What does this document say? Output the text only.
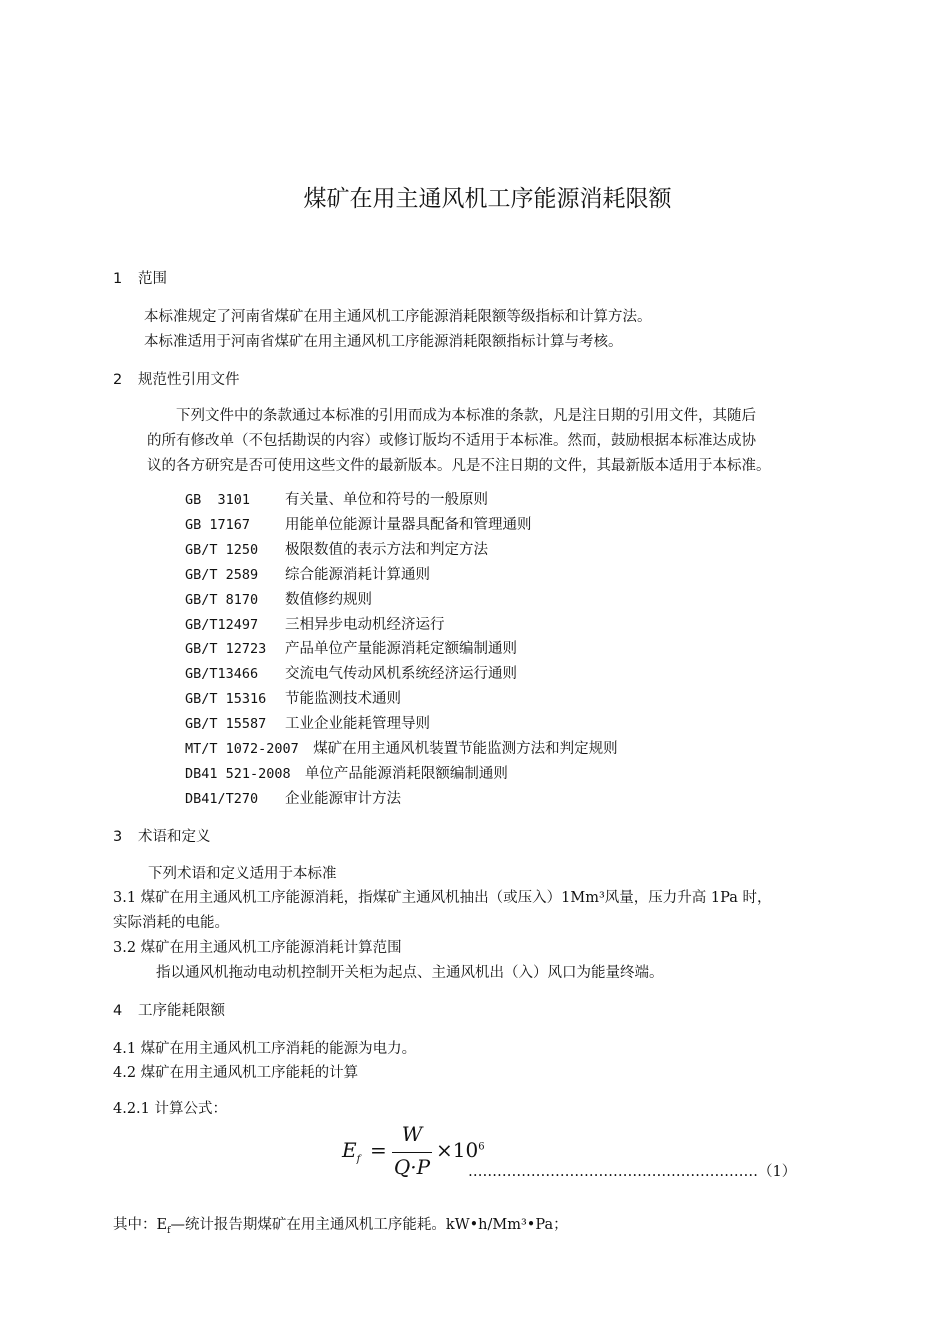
煤矿在用主通风机工序能源消耗限额
1 范围
本标准规定了河南省煤矿在用主通风机工序能源消耗限额等级指标和计算方法。
本标准适用于河南省煤矿在用主通风机工序能源消耗限额指标计算与考核。
2 规范性引用文件
下列文件中的条款通过本标准的引用而成为本标准的条款，凡是注日期的引用文件，其随后
的所有修改单（不包括勘误的内容）或修订版均不适用于本标准。然而，鼓励根据本标准达成协
议的各方研究是否可使用这些文件的最新版本。凡是不注日期的文件，其最新版本适用于本标准。
GB  3101 有关量、单位和符号的一般原则
GB 17167 用能单位能源计量器具配备和管理通则
GB/T 1250 极限数值的表示方法和判定方法
GB/T 2589 综合能源消耗计算通则
GB/T 8170 数值修约规则
GB/T12497 三相异步电动机经济运行
GB/T 12723 产品单位产量能源消耗定额编制通则
GB/T13466 交流电气传动风机系统经济运行通则
GB/T 15316 节能监测技术通则
GB/T 15587 工业企业能耗管理导则
MT/T 1072-2007 煤矿在用主通风机装置节能监测方法和判定规则
DB41 521-2008 单位产品能源消耗限额编制通则
DB41/T270 企业能源审计方法
3 术语和定义
下列术语和定义适用于本标准
3.1 煤矿在用主通风机工序能源消耗，指煤矿主通风机抽出（或压入）1Mm³风量，压力升高 1Pa 时，
实际消耗的电能。
3.2 煤矿在用主通风机工序能源消耗计算范围
指以通风机拖动电动机控制开关柜为起点、主通风机出（入）风口为能量终端。
4 工序能耗限额
4.1 煤矿在用主通风机工序消耗的能源为电力。
4.2 煤矿在用主通风机工序能耗的计算
4.2.1 计算公式：
$E_f$ =
W
Q·P
$\times 10^6$
……………………………………………………（1）
其中：$E_f—$统计报告期煤矿在用主通风机工序能耗。kW•h/Mm³•Pa；
